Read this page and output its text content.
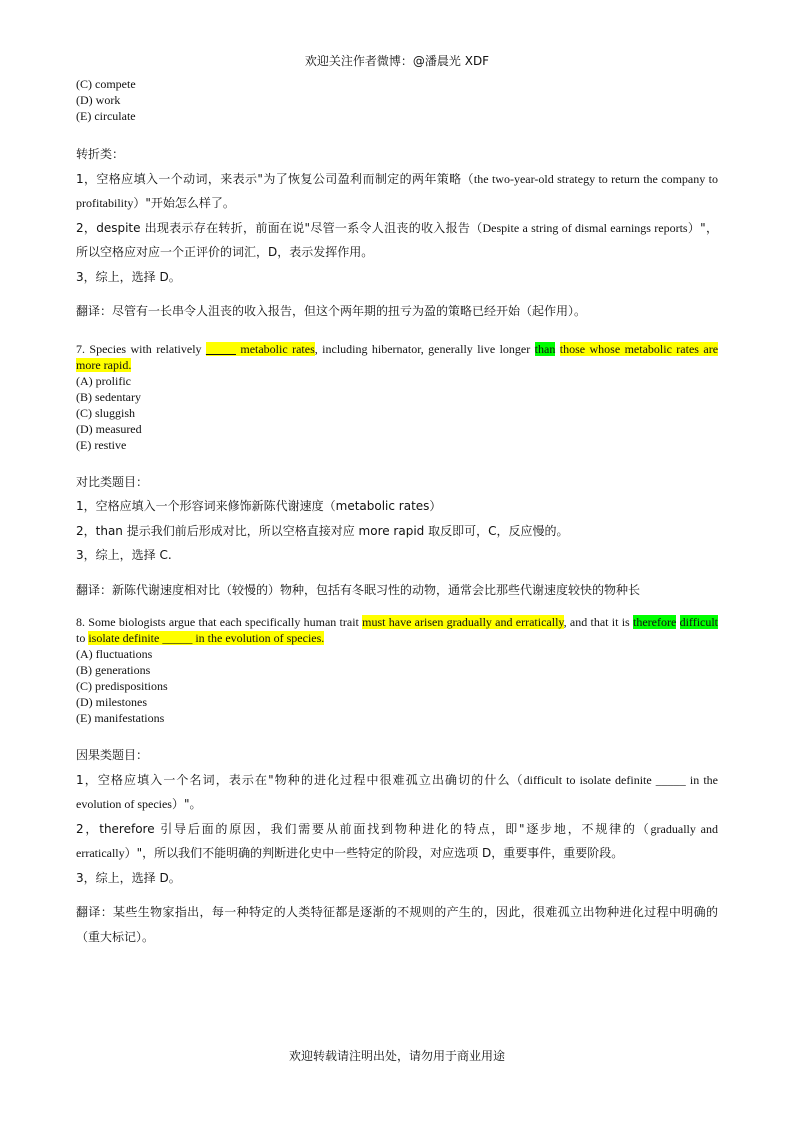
欢迎关注作者微博：@潘晨光 XDF
(C) compete
(D) work
(E) circulate
转折类：
1，空格应填入一个动词，来表示"为了恢复公司盈利而制定的两年策略（the two-year-old strategy to return the company to profitability）"开始怎么样了。
2，despite 出现表示存在转折，前面在说"尽管一系令人沮丧的收入报告（Despite a string of dismal earnings reports）"，所以空格应对应一个正评价的词汇，D，表示发挥作用。
3，综上，选择 D。
翻译：尽管有一长串令人沮丧的收入报告，但这个两年期的扭亏为盈的策略已经开始（起作用）。
7. Species with relatively _____ metabolic rates, including hibernator, generally live longer than those whose metabolic rates are more rapid.
(A) prolific
(B) sedentary
(C) sluggish
(D) measured
(E) restive
对比类题目：
1，空格应填入一个形容词来修饰新陈代谢速度（metabolic rates）
2，than 提示我们前后形成对比，所以空格直接对应 more rapid 取反即可，C，反应慢的。
3，综上，选择 C.
翻译：新陈代谢速度相对比（较慢的）物种，包括有冬眠习性的动物，通常会比那些代谢速度较快的物种长
8. Some biologists argue that each specifically human trait must have arisen gradually and erratically, and that it is therefore difficult to isolate definite _____ in the evolution of species.
(A) fluctuations
(B) generations
(C) predispositions
(D) milestones
(E) manifestations
因果类题目：
1，空格应填入一个名词，表示在"物种的进化过程中很难孤立出确切的什么（difficult to isolate definite _____ in the evolution of species）"。
2，therefore 引导后面的原因，我们需要从前面找到物种进化的特点，即"逐步地，不规律的（gradually and erratically）"，所以我们不能明确的判断进化史中一些特定的阶段，对应选项 D，重要事件，重要阶段。
3，综上，选择 D。
翻译：某些生物家指出，每一种特定的人类特征都是逐渐的不规则的产生的，因此，很难孤立出物种进化过程中明确的（重大标记）。
欢迎转载请注明出处，请勿用于商业用途
